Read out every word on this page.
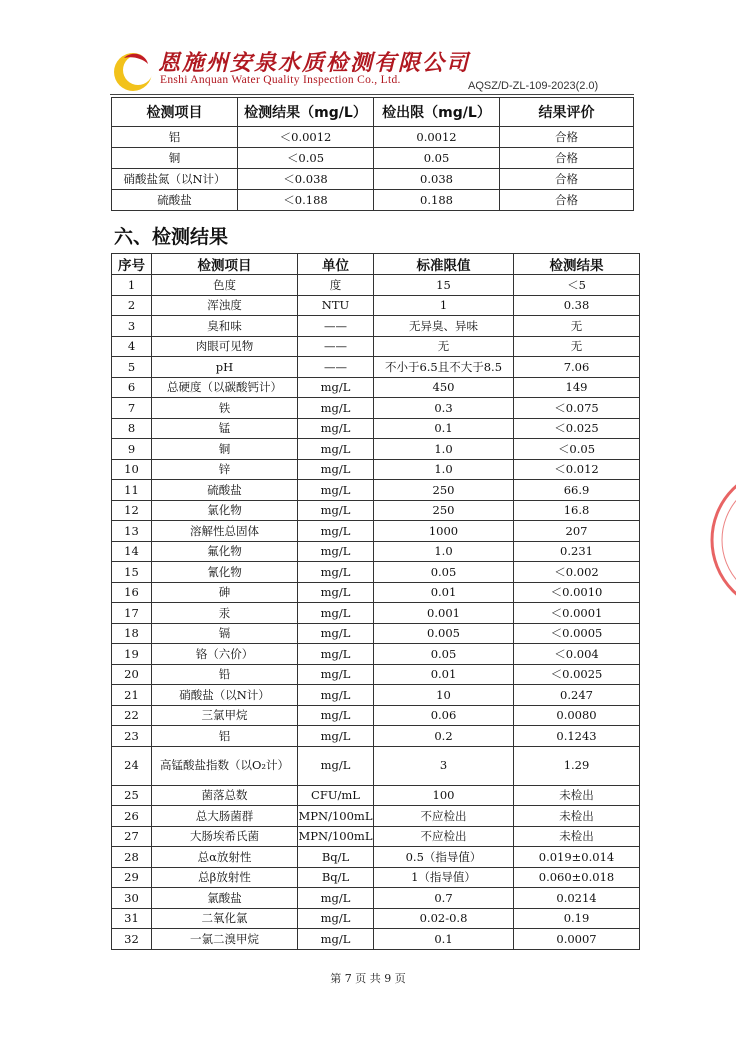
恩施州安泉水质检测有限公司
Enshi Anquan Water Quality Inspection Co., Ltd.	AQSZ/D-ZL-109-2023(2.0)
检测项目	检测结果（mg/L）	检出限（mg/L）	结果评价
铝	＜0.0012	0.0012	合格
铜	＜0.05	0.05	合格
硝酸盐氮（以N计）	＜0.038	0.038	合格
硫酸盐	＜0.188	0.188	合格
六、检测结果
序号	检测项目	单位	标准限值	检测结果
1	色度	度	15	＜5
2	浑浊度	NTU	1	0.38
3	臭和味	——	无异臭、异味	无
4	肉眼可见物	——	无	无
5	pH	——	不小于6.5且不大于8.5	7.06
6	总硬度（以碳酸钙计）	mg/L	450	149
7	铁	mg/L	0.3	＜0.075
8	锰	mg/L	0.1	＜0.025
9	铜	mg/L	1.0	＜0.05
10	锌	mg/L	1.0	＜0.012
11	硫酸盐	mg/L	250	66.9
12	氯化物	mg/L	250	16.8
13	溶解性总固体	mg/L	1000	207
14	氟化物	mg/L	1.0	0.231
15	氰化物	mg/L	0.05	＜0.002
16	砷	mg/L	0.01	＜0.0010
17	汞	mg/L	0.001	＜0.0001
18	镉	mg/L	0.005	＜0.0005
19	铬（六价）	mg/L	0.05	＜0.004
20	铅	mg/L	0.01	＜0.0025
21	硝酸盐（以N计）	mg/L	10	0.247
22	三氯甲烷	mg/L	0.06	0.0080
23	铝	mg/L	0.2	0.1243
24	高锰酸盐指数（以O₂计）	mg/L	3	1.29
25	菌落总数	CFU/mL	100	未检出
26	总大肠菌群	MPN/100mL	不应检出	未检出
27	大肠埃希氏菌	MPN/100mL	不应检出	未检出
28	总α放射性	Bq/L	0.5（指导值）	0.019±0.014
29	总β放射性	Bq/L	1（指导值）	0.060±0.018
30	氯酸盐	mg/L	0.7	0.0214
31	二氧化氯	mg/L	0.02-0.8	0.19
32	一氯二溴甲烷	mg/L	0.1	0.0007
第 7 页 共 9 页
